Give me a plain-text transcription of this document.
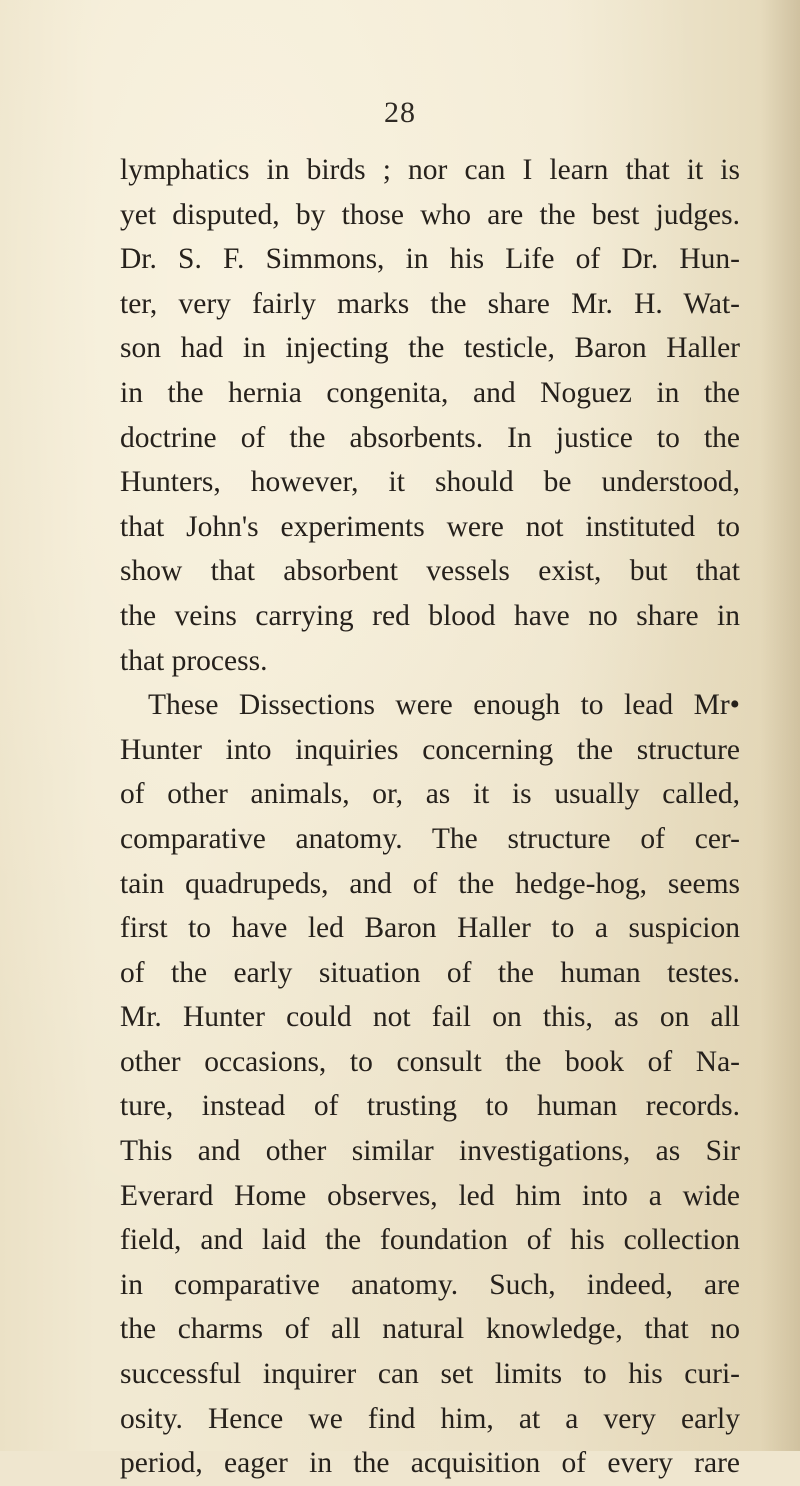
28
lymphatics in birds ; nor can I learn that it is
yet disputed, by those who are the best judges.
Dr. S. F. Simmons, in his Life of Dr. Hun-
ter, very fairly marks the share Mr. H. Wat-
son had in injecting the testicle, Baron Haller
in the hernia congenita, and Noguez in the
doctrine of the absorbents. In justice to the
Hunters, however, it should be understood,
that John's experiments were not instituted to
show that absorbent vessels exist, but that
the veins carrying red blood have no share in
that process.
These Dissections were enough to lead Mr•
Hunter into inquiries concerning the structure
of other animals, or, as it is usually called,
comparative anatomy. The structure of cer-
tain quadrupeds, and of the hedge-hog, seems
first to have led Baron Haller to a suspicion
of the early situation of the human testes.
Mr. Hunter could not fail on this, as on all
other occasions, to consult the book of Na-
ture, instead of trusting to human records.
This and other similar investigations, as Sir
Everard Home observes, led him into a wide
field, and laid the foundation of his collection
in comparative anatomy. Such, indeed, are
the charms of all natural knowledge, that no
successful inquirer can set limits to his curi-
osity. Hence we find him, at a very early
period, eager in the acquisition of every rare
